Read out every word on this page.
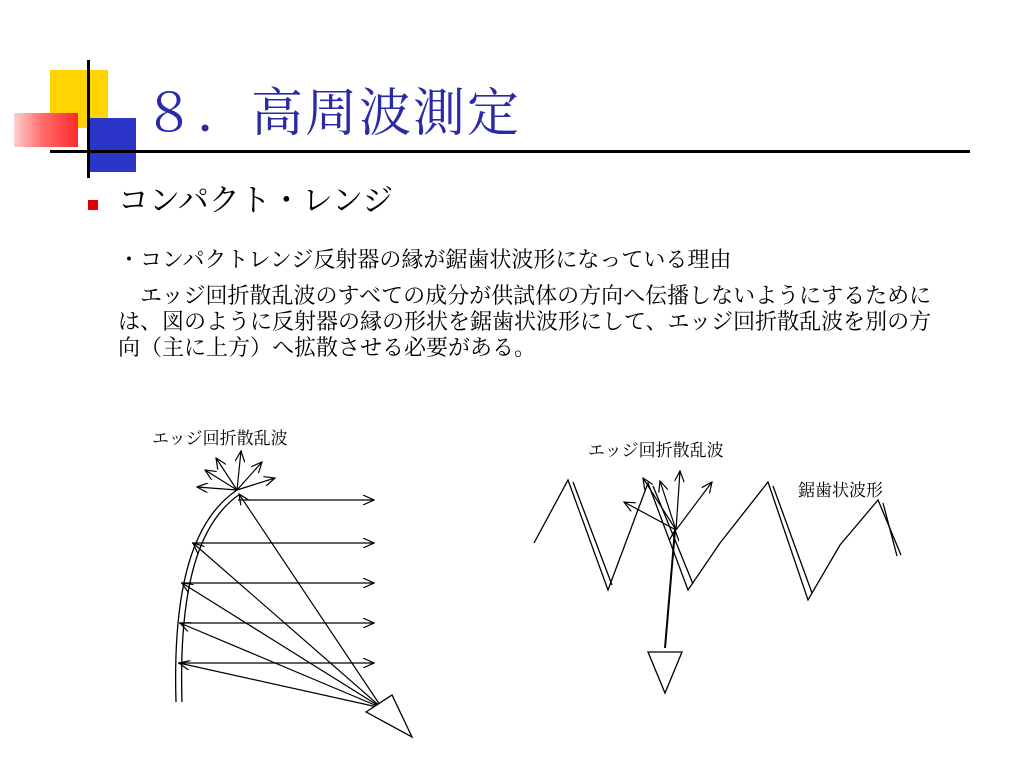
８．高周波測定
コンパクト・レンジ
・コンパクトレンジ反射器の縁が鋸歯状波形になっている理由
　エッジ回折散乱波のすべての成分が供試体の方向へ伝播しないようにするためには、図のように反射器の縁の形状を鋸歯状波形にして、エッジ回折散乱波を別の方向（主に上方）へ拡散させる必要がある。
エッジ回折散乱波
エッジ回折散乱波
鋸歯状波形
